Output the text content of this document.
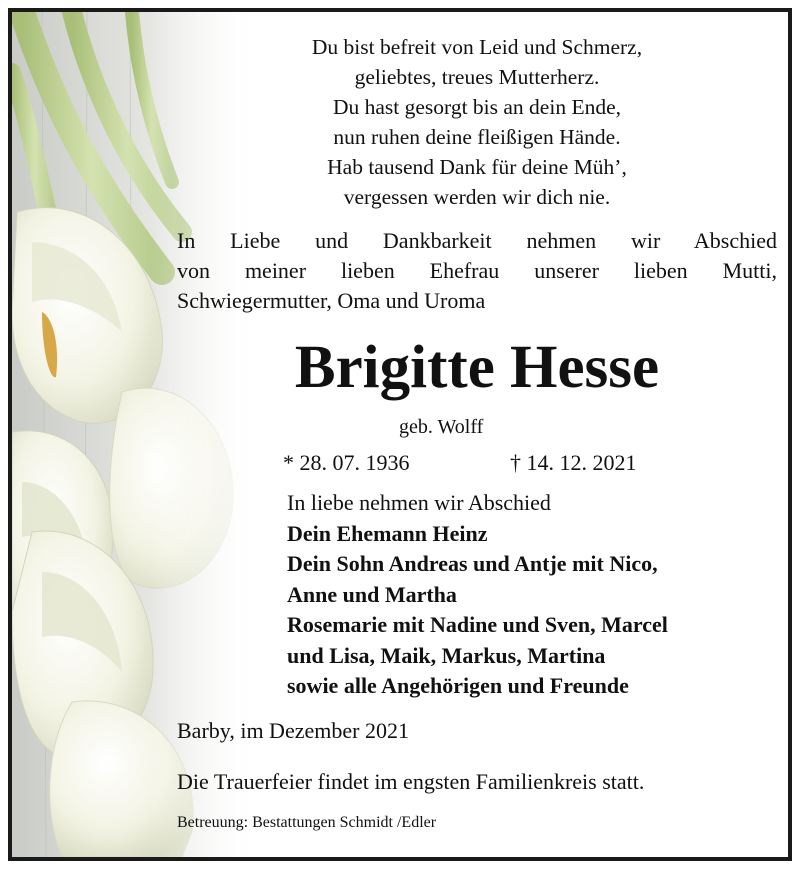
Du bist befreit von Leid und Schmerz,
geliebtes, treues Mutterherz.
Du hast gesorgt bis an dein Ende,
nun ruhen deine fleißigen Hände.
Hab tausend Dank für deine Müh’,
vergessen werden wir dich nie.
In Liebe und Dankbarkeit nehmen wir Abschied
von meiner lieben Ehefrau unserer lieben Mutti,
Schwiegermutter, Oma und Uroma
Brigitte Hesse
geb. Wolff
* 28. 07. 1936	† 14. 12. 2021
In liebe nehmen wir Abschied
Dein Ehemann Heinz
Dein Sohn Andreas und Antje mit Nico,
Anne und Martha
Rosemarie mit Nadine und Sven, Marcel
und Lisa, Maik, Markus, Martina
sowie alle Angehörigen und Freunde
Barby, im Dezember 2021
Die Trauerfeier findet im engsten Familienkreis statt.
Betreuung: Bestattungen Schmidt /Edler
